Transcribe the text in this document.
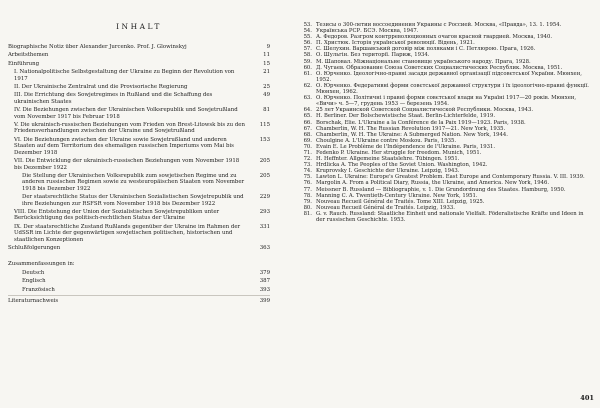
INHALT
Biographische Notiz über Alexander Jurcenko. Prof. J. Glowinskyj	9
Arbeitsthemen	11
Einführung	15
I. Nationalpolitische Selbstgestaltung der Ukraine zu Beginn der Revolution von 1917
21
II. Der Ukrainische Zentralrat und die Provisorische Regierung	25
III. Die Errichtung des Sowjetregimes in Rußland und die Schaffung des ukrainischen Staates
49
IV. Die Beziehungen zwischen der Ukrainischen Volksrepublik und Sowjetrußland vom November 1917 bis Februar 1918
81
V. Die ukrainisch-russischen Beziehungen vom Frieden von Brest-Litowsk bis zu den Friedensverhandlungen zwischen der Ukraine und Sowjetrußland
115
VI. Die Beziehungen zwischen der Ukraine sowie Sowjetrußland und anderen Staaten auf dem Territorium des ehemaligen russischen Imperiums vom Mai bis Dezember 1918
153
VII. Die Entwicklung der ukrainisch-russischen Beziehungen vom November 1918 bis Dezember 1922
205
Die Stellung der Ukrainischen Volksrepublik zum sowjetischen Regime und zu anderen russischen Regimen sowie zu westeuropäischen Staaten vom November 1918 bis Dezember 1922
205
Der staatsrechtliche Status der Ukrainischen Sozialistischen Sowjetrepublik und ihre Beziehungen zur RSFSR vom November 1918 bis Dezember 1922
229
VIII. Die Entstehung der Union der Sozialistischen Sowjetrepubliken unter Berücksichtigung des politisch-rechtlichen Status der Ukraine
293
IX. Der staatsrechtliche Zustand Rußlands gegenüber der Ukraine im Rahmen der UdSSR im Lichte der gegenwärtigen sowjetischen politischen, historischen und staatlichen Konzeptionen
331
Schlußfolgerungen	363
Zusammenfassungen in:
Deutsch	379
Englisch	387
Französisch	393
Literaturnachweis	399
53. Тезисы о 300-летии воссоединения Украины с Россией. Москва, «Правда», 13. 1. 1954.
54. Українська РСР. БСЭ. Москва, 1947.
55. А. Федоров. Разгром контрреволюционных очагов красной гвардией. Москва, 1940.
56. П. Христюк. Історія української революції. Відень, 1921.
57. С. Шелухин. Варшавський договір між поляками і С. Петлюрою. Прага, 1926.
58. О. Шульгін. Без території. Париж, 1934.
59. М. Шаповал. Міжнаціональне становище українського народу. Прага, 1928.
60. Д. Чугаев. Образование Союза Советских Социалистических Республик. Москва, 1951.
61. О. Юрченко. Ідеологічно-правні засади державної організації підсовєтської України. Мюнхен, 1952.
62. О. Юрченко. Федеративні форми совєтської державної структури і їх ідеологічно-правні функції. Мюнхен, 1962.
63. О. Юрченко. Політичні і правні форми совєтської влади на Україні 1917—20 років. Мюнхен, «Вичи» ч. 5—7, грудень 1953 — березень 1954.
64. 25 лет Украинской Советской Социалистической Республики. Москва, 1943.
65. H. Berliner. Der Bolschewistische Staat. Berlin-Lichterfelde, 1919.
66. Borschak, Elie. L'Ukraine a la Conférence de la Paix 1919—1923. Paris, 1938.
67. Chamberlin, W. H. The Russian Revolution 1917—21. New York, 1935.
68. Chamberlin, W. H. The Ukraine: A Submerged Nation. New York, 1944.
69. Choulgine A. L'Ukraine contre Moskou. Paris, 1935.
70. Evain E. Le Problème de l'Indépendence de l'Ukraine. Paris, 1931.
71. Fedenko P. Ukraine. Her struggle for freedom. Munich, 1951.
72. H. Heffnter. Allgemeine Staatslehre. Tübingen. 1951.
73. Hrdlicka A. The Peoples of the Soviet Union. Washington, 1942.
74. Kruprovsky I. Geschichte der Ukraine. Leipzig, 1943.
75. Lawton L. Ukraine: Europe's Greatest Problem. East Europe and Contemporary Russia. V. III. 1939.
76. Margolin A. From a Political Diary, Russia, the Ukraine, and America. New York, 1946.
77. Meissner B. Russland — Bibliographie, v. 1. Die Grundordnung des Staates. Hamburg, 1950.
78. Manning C. A. Twentieth-Century Ukraine. New York, 1951.
79. Nouveau Recueil Général de Traités. Tome XIII. Leipzig, 1925.
80. Nouveau Recueil Général de Traités. Leipzig, 1933.
81. G. v. Rauch. Russland: Staatliche Einheit und nationale Vielfalt. Föderalistische Kräfte und Ideen in der russischen Geschichte. 1953.
401
